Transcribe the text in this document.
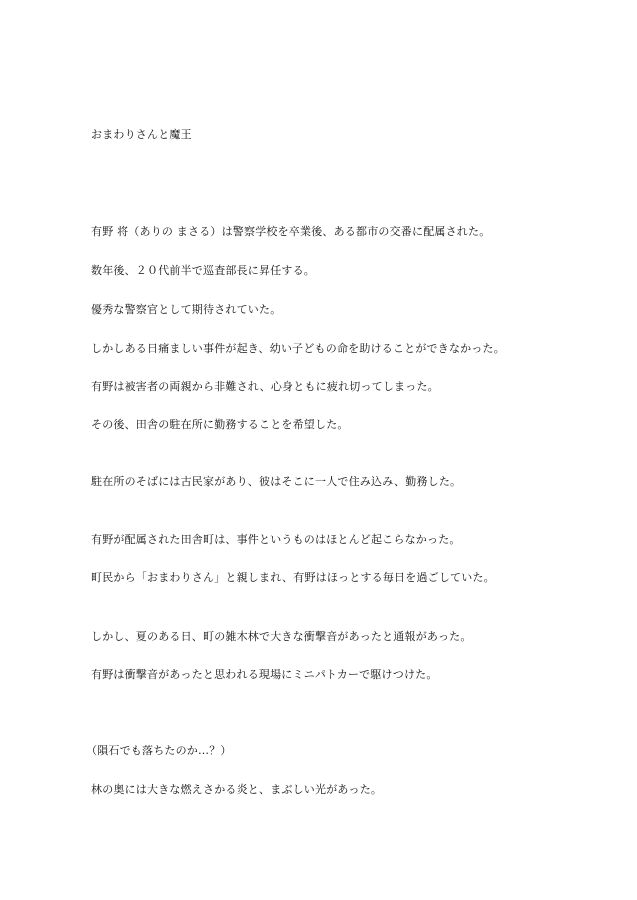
おまわりさんと魔王
有野 将（ありの まさる）は警察学校を卒業後、ある都市の交番に配属された。
数年後、２０代前半で巡査部長に昇任する。
優秀な警察官として期待されていた。
しかしある日痛ましい事件が起き、幼い子どもの命を助けることができなかった。
有野は被害者の両親から非難され、心身ともに疲れ切ってしまった。
その後、田舎の駐在所に勤務することを希望した。
駐在所のそばには古民家があり、彼はそこに一人で住み込み、勤務した。
有野が配属された田舎町は、事件というものはほとんど起こらなかった。
町民から「おまわりさん」と親しまれ、有野はほっとする毎日を過ごしていた。
しかし、夏のある日、町の雑木林で大きな衝撃音があったと通報があった。
有野は衝撃音があったと思われる現場にミニパトカーで駆けつけた。
（隕石でも落ちたのか…？）
林の奥には大きな燃えさかる炎と、まぶしい光があった。
